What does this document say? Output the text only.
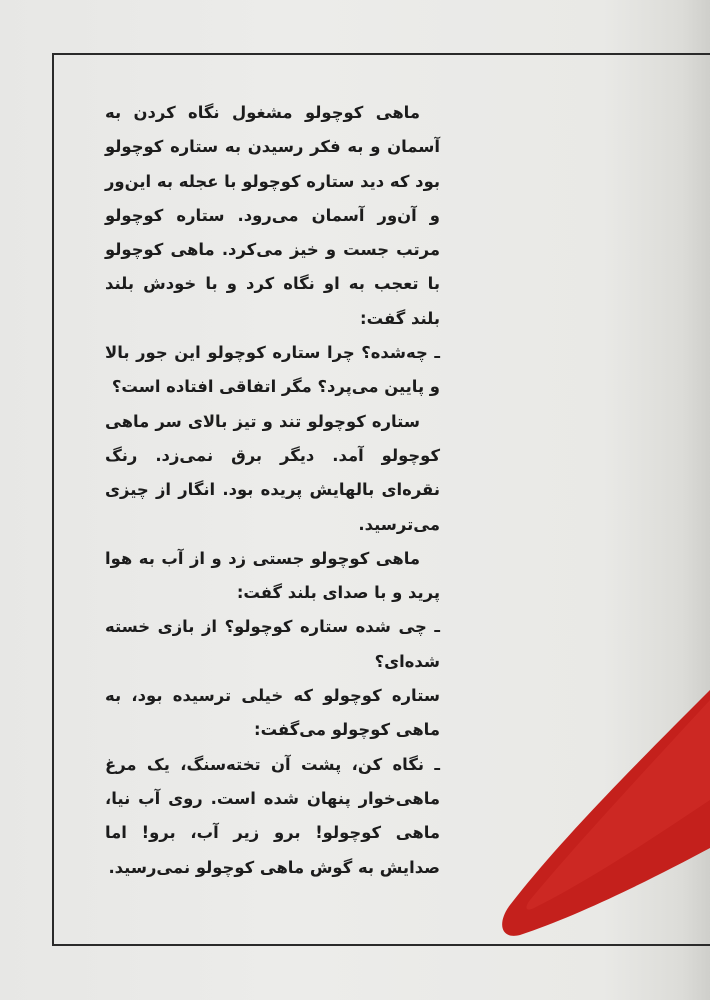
ماهی کوچولو مشغول نگاه کردن به آسمان و به فکر رسیدن به ستاره کوچولو بود که دید ستاره کوچولو با عجله به این‌ور و آن‌ور آسمان می‌رود. ستاره کوچولو مرتب جست و خیز می‌کرد. ماهی کوچولو با تعجب به او نگاه کرد و با خودش بلند بلند گفت:

ـ چه‌شده؟ چرا ستاره کوچولو این جور بالا و پایین می‌پرد؟ مگر اتفاقی افتاده است؟

ستاره کوچولو تند و تیز بالای سر ماهی کوچولو آمد. دیگر برق نمی‌زد. رنگ نقره‌ای بالهایش پریده بود. انگار از چیزی می‌ترسید.

ماهی کوچولو جستی زد و از آب به هوا پرید و با صدای بلند گفت:

ـ چی شده ستاره کوچولو؟ از بازی خسته شده‌ای؟

ستاره کوچولو که خیلی ترسیده بود، به ماهی کوچولو می‌گفت:

ـ نگاه کن، پشت آن تخته‌سنگ، یک مرغ ماهی‌خوار پنهان شده است. روی آب نیا، ماهی کوچولو! برو زیر آب، برو! اما صدایش به گوش ماهی کوچولو نمی‌رسید.
